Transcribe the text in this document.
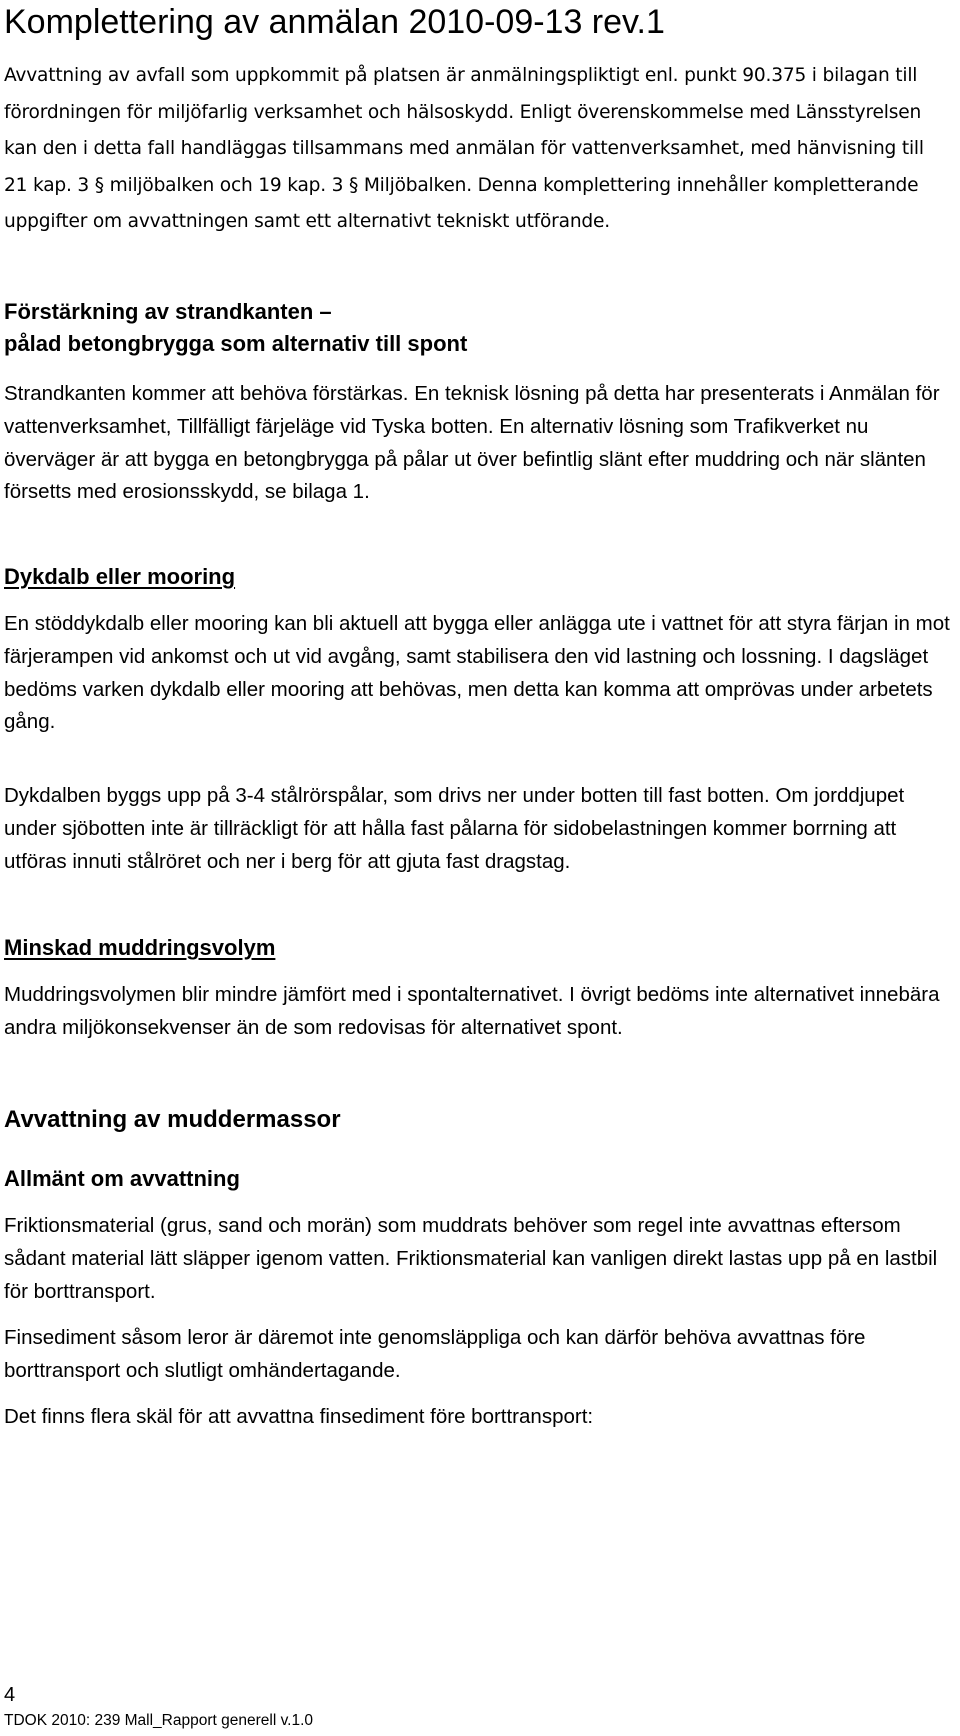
Komplettering av anmälan 2010-09-13 rev.1

Avvattning av avfall som uppkommit på platsen är anmälningspliktigt enl. punkt 90.375 i bilagan till förordningen för miljöfarlig verksamhet och hälsoskydd. Enligt överenskommelse med Länsstyrelsen kan den i detta fall handläggas tillsammans med anmälan för vattenverksamhet, med hänvisning till 21 kap. 3 § miljöbalken och 19 kap. 3 § Miljöbalken. Denna komplettering innehåller kompletterande uppgifter om avvattningen samt ett alternativt tekniskt utförande.

Förstärkning av strandkanten –
pålad betongbrygga som alternativ till spont

Strandkanten kommer att behöva förstärkas. En teknisk lösning på detta har presenterats i Anmälan för vattenverksamhet, Tillfälligt färjeläge vid Tyska botten. En alternativ lösning som Trafikverket nu överväger är att bygga en betongbrygga på pålar ut över befintlig slänt efter muddring och när slänten försetts med erosionsskydd, se bilaga 1.

Dykdalb eller mooring

En stöddykdalb eller mooring kan bli aktuell att bygga eller anlägga ute i vattnet för att styra färjan in mot färjerampen vid ankomst och ut vid avgång, samt stabilisera den vid lastning och lossning. I dagsläget bedöms varken dykdalb eller mooring att behövas, men detta kan komma att omprövas under arbetets gång.

Dykdalben byggs upp på 3-4 stålrörspålar, som drivs ner under botten till fast botten. Om jorddjupet under sjöbotten inte är tillräckligt för att hålla fast pålarna för sidobelastningen kommer borrning att utföras innuti stålröret och ner i berg för att gjuta fast dragstag.

Minskad muddringsvolym

Muddringsvolymen blir mindre jämfört med i spontalternativet. I övrigt bedöms inte alternativet innebära andra miljökonsekvenser än de som redovisas för alternativet spont.

Avvattning av muddermassor
Allmänt om avvattning

Friktionsmaterial (grus, sand och morän) som muddrats behöver som regel inte avvattnas eftersom sådant material lätt släpper igenom vatten. Friktionsmaterial kan vanligen direkt lastas upp på en lastbil för borttransport.

Finsediment såsom leror är däremot inte genomsläppliga och kan därför behöva avvattnas före borttransport och slutligt omhändertagande.

Det finns flera skäl för att avvattna finsediment före borttransport:

4
TDOK 2010: 239 Mall_Rapport generell v.1.0
